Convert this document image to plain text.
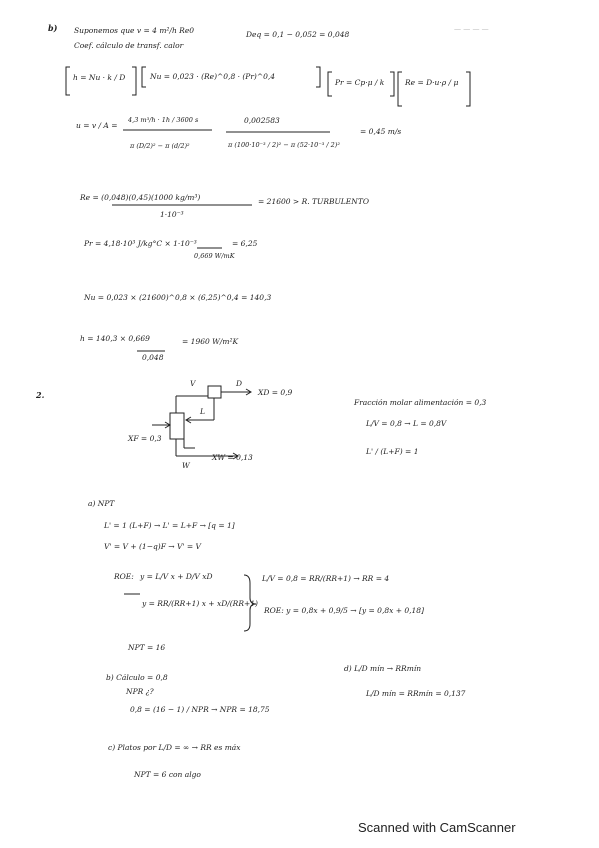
b) Suponemos que v = 4 m²/h Re0
Coef. cálculo de transf. calor
Deq = 0,1 − 0,052 = 0,048
— — — —
h = Nu · k / D	Nu = 0,023 · (Re)^0,8 · (Pr)^0,4
Pr = Cp·μ / k	Re = D·u·ρ / μ
u = v / A =
4,3 m³/h · 1h / 3600 s
π (D/2)² − π (d/2)²
0,002583
π (100·10⁻³ / 2)² − π (52·10⁻³ / 2)²
= 0,45 m/s
Re = (0,048)(0,45)(1000 kg/m³)
1·10⁻³
= 21600 > R. TURBULENTO
Pr = 4,18·10³ J/kg°C × 1·10⁻³
0,669 W/mK
= 6,25
Nu = 0,023 × (21600)^0,8 × (6,25)^0,4 = 140,3
h = 140,3 × 0,669
0,048
= 1960 W/m²K
2.
V	D
XD = 0,9
L
XF = 0,3
W
XW = 0,13
Fracción molar alimentación = 0,3
L/V = 0,8 → L = 0,8V
L' / (L+F) = 1
a) NPT
L' = 1 (L+F) → L' = L+F → [q = 1]
V' = V + (1−q)F → V' = V
ROE: y = L/V x + D/V xD
y = RR/(RR+1) x + xD/(RR+1)
L/V = 0,8 = RR/(RR+1) → RR = 4
ROE: y = 0,8x + 0,9/5 → [y = 0,8x + 0,18]
NPT = 16
b) Cálculo = 0,8
NPR ¿?
0,8 = (16 − 1) / NPR → NPR = 18,75
c) Platos por L/D = ∞ → RR es máx
NPT = 6 con algo
d) L/D mín → RRmín
L/D mín = RRmín = 0,137
Scanned with CamScanner
